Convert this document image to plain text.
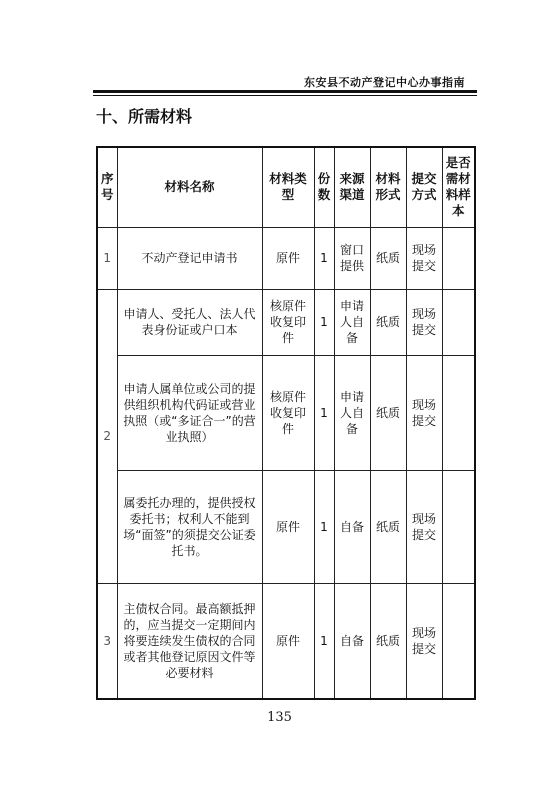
东安县不动产登记中心办事指南
十、所需材料
序号	材料名称	材料类型	份数	来源渠道	材料形式	提交方式	是否需材料样本
1	不动产登记申请书	原件	1	窗口提供	纸质	现场提交	
2	申请人、受托人、法人代表身份证或户口本	核原件收复印件	1	申请人自备	纸质	现场提交	
	申请人属单位或公司的提供组织机构代码证或营业执照（或“多证合一”的营业执照）	核原件收复印件	1	申请人自备	纸质	现场提交	
	属委托办理的，提供授权委托书；权利人不能到场“面签”的须提交公证委托书。	原件	1	自备	纸质	现场提交	
3	主债权合同。最高额抵押的，应当提交一定期间内将要连续发生债权的合同或者其他登记原因文件等必要材料	原件	1	自备	纸质	现场提交	
135
